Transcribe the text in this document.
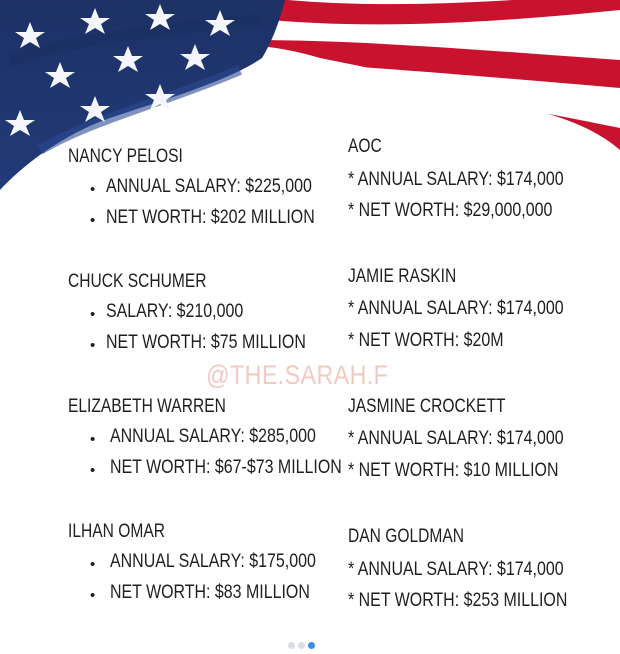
@THE.SARAH.F
NANCY PELOSI
• ANNUAL SALARY: $225,000
• NET WORTH: $202 MILLION
CHUCK SCHUMER
• SALARY: $210,000
• NET WORTH: $75 MILLION
ELIZABETH WARREN
• ANNUAL SALARY: $285,000
• NET WORTH: $67-$73 MILLION
ILHAN OMAR
• ANNUAL SALARY: $175,000
• NET WORTH: $83 MILLION
AOC
* ANNUAL SALARY: $174,000
* NET WORTH: $29,000,000
JAMIE RASKIN
* ANNUAL SALARY: $174,000
* NET WORTH: $20M
JASMINE CROCKETT
* ANNUAL SALARY: $174,000
* NET WORTH: $10 MILLION
DAN GOLDMAN
* ANNUAL SALARY: $174,000
* NET WORTH: $253 MILLION
